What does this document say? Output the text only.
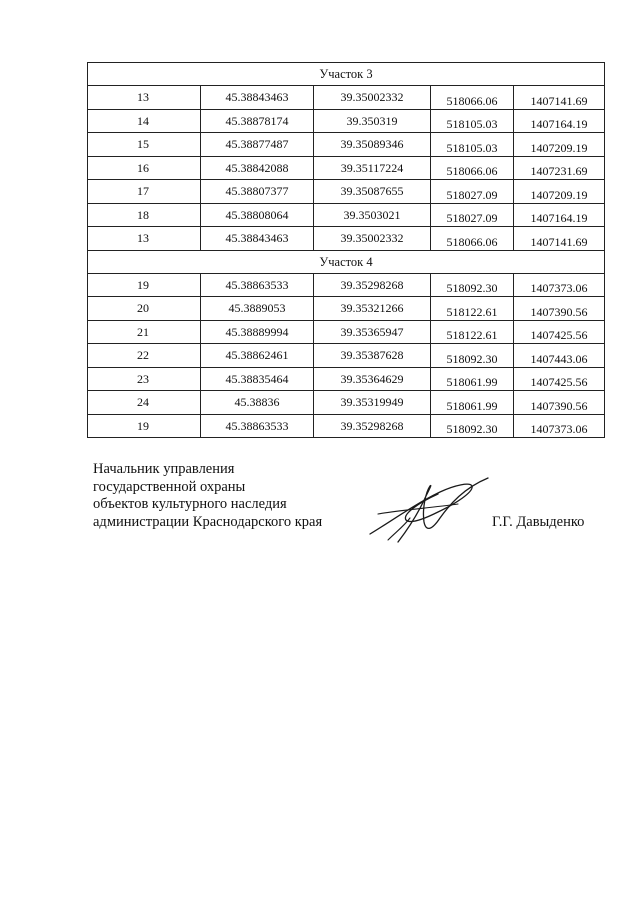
Участок 3				
13	45.38843463	39.35002332	518066.06	1407141.69
14	45.38878174	39.350319	518105.03	1407164.19
15	45.38877487	39.35089346	518105.03	1407209.19
16	45.38842088	39.35117224	518066.06	1407231.69
17	45.38807377	39.35087655	518027.09	1407209.19
18	45.38808064	39.3503021	518027.09	1407164.19
13	45.38843463	39.35002332	518066.06	1407141.69
Участок 4				
19	45.38863533	39.35298268	518092.30	1407373.06
20	45.3889053	39.35321266	518122.61	1407390.56
21	45.38889994	39.35365947	518122.61	1407425.56
22	45.38862461	39.35387628	518092.30	1407443.06
23	45.38835464	39.35364629	518061.99	1407425.56
24	45.38836	39.35319949	518061.99	1407390.56
19	45.38863533	39.35298268	518092.30	1407373.06
Начальник управления
государственной охраны
объектов культурного наследия
администрации Краснодарского края	Г.Г. Давыденко
